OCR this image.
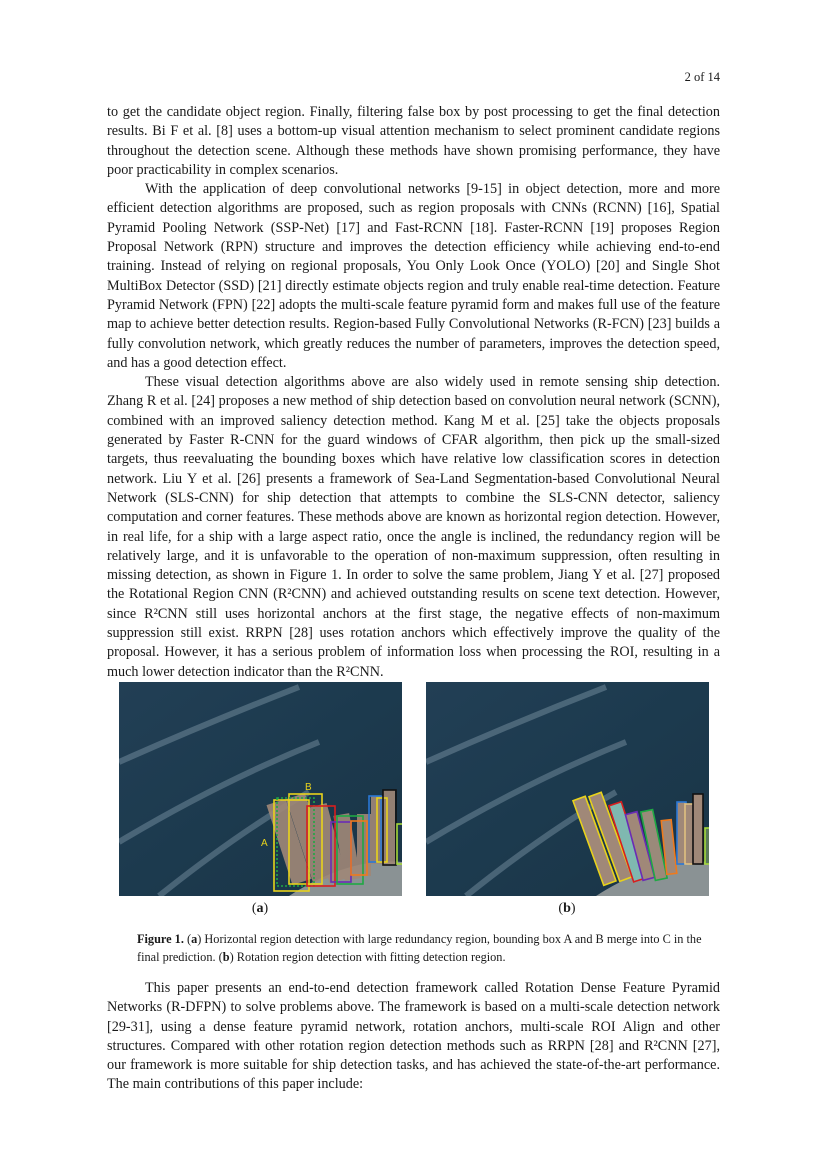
2 of 14

to get the candidate object region. Finally, filtering false box by post processing to get the final detection results. Bi F et al. [8] uses a bottom-up visual attention mechanism to select prominent candidate regions throughout the detection scene. Although these methods have shown promising performance, they have poor practicability in complex scenarios.

With the application of deep convolutional networks [9-15] in object detection, more and more efficient detection algorithms are proposed, such as region proposals with CNNs (RCNN) [16], Spatial Pyramid Pooling Network (SSP-Net) [17] and Fast-RCNN [18]. Faster-RCNN [19] proposes Region Proposal Network (RPN) structure and improves the detection efficiency while achieving end-to-end training. Instead of relying on regional proposals, You Only Look Once (YOLO) [20] and Single Shot MultiBox Detector (SSD) [21] directly estimate objects region and truly enable real-time detection. Feature Pyramid Network (FPN) [22] adopts the multi-scale feature pyramid form and makes full use of the feature map to achieve better detection results. Region-based Fully Convolutional Networks (R-FCN) [23] builds a fully convolution network, which greatly reduces the number of parameters, improves the detection speed, and has a good detection effect.

These visual detection algorithms above are also widely used in remote sensing ship detection. Zhang R et al. [24] proposes a new method of ship detection based on convolution neural network (SCNN), combined with an improved saliency detection method. Kang M et al. [25] take the objects proposals generated by Faster R-CNN for the guard windows of CFAR algorithm, then pick up the small-sized targets, thus reevaluating the bounding boxes which have relative low classification scores in detection network. Liu Y et al. [26] presents a framework of Sea-Land Segmentation-based Convolutional Neural Network (SLS-CNN) for ship detection that attempts to combine the SLS-CNN detector, saliency computation and corner features. These methods above are known as horizontal region detection. However, in real life, for a ship with a large aspect ratio, once the angle is inclined, the redundancy region will be relatively large, and it is unfavorable to the operation of non-maximum suppression, often resulting in missing detection, as shown in Figure 1. In order to solve the same problem, Jiang Y et al. [27] proposed the Rotational Region CNN (R²CNN) and achieved outstanding results on scene text detection. However, since R²CNN still uses horizontal anchors at the first stage, the negative effects of non-maximum suppression still exist. RRPN [28] uses rotation anchors which effectively improve the quality of the proposal. However, it has a serious problem of information loss when processing the ROI, resulting in a much lower detection indicator than the R²CNN.

B
A
(a)	(b)
Figure 1. (a) Horizontal region detection with large redundancy region, bounding box A and B merge into C in the final prediction. (b) Rotation region detection with fitting detection region.

This paper presents an end-to-end detection framework called Rotation Dense Feature Pyramid Networks (R-DFPN) to solve problems above. The framework is based on a multi-scale detection network [29-31], using a dense feature pyramid network, rotation anchors, multi-scale ROI Align and other structures. Compared with other rotation region detection methods such as RRPN [28] and R²CNN [27], our framework is more suitable for ship detection tasks, and has achieved the state-of-the-art performance. The main contributions of this paper include:
